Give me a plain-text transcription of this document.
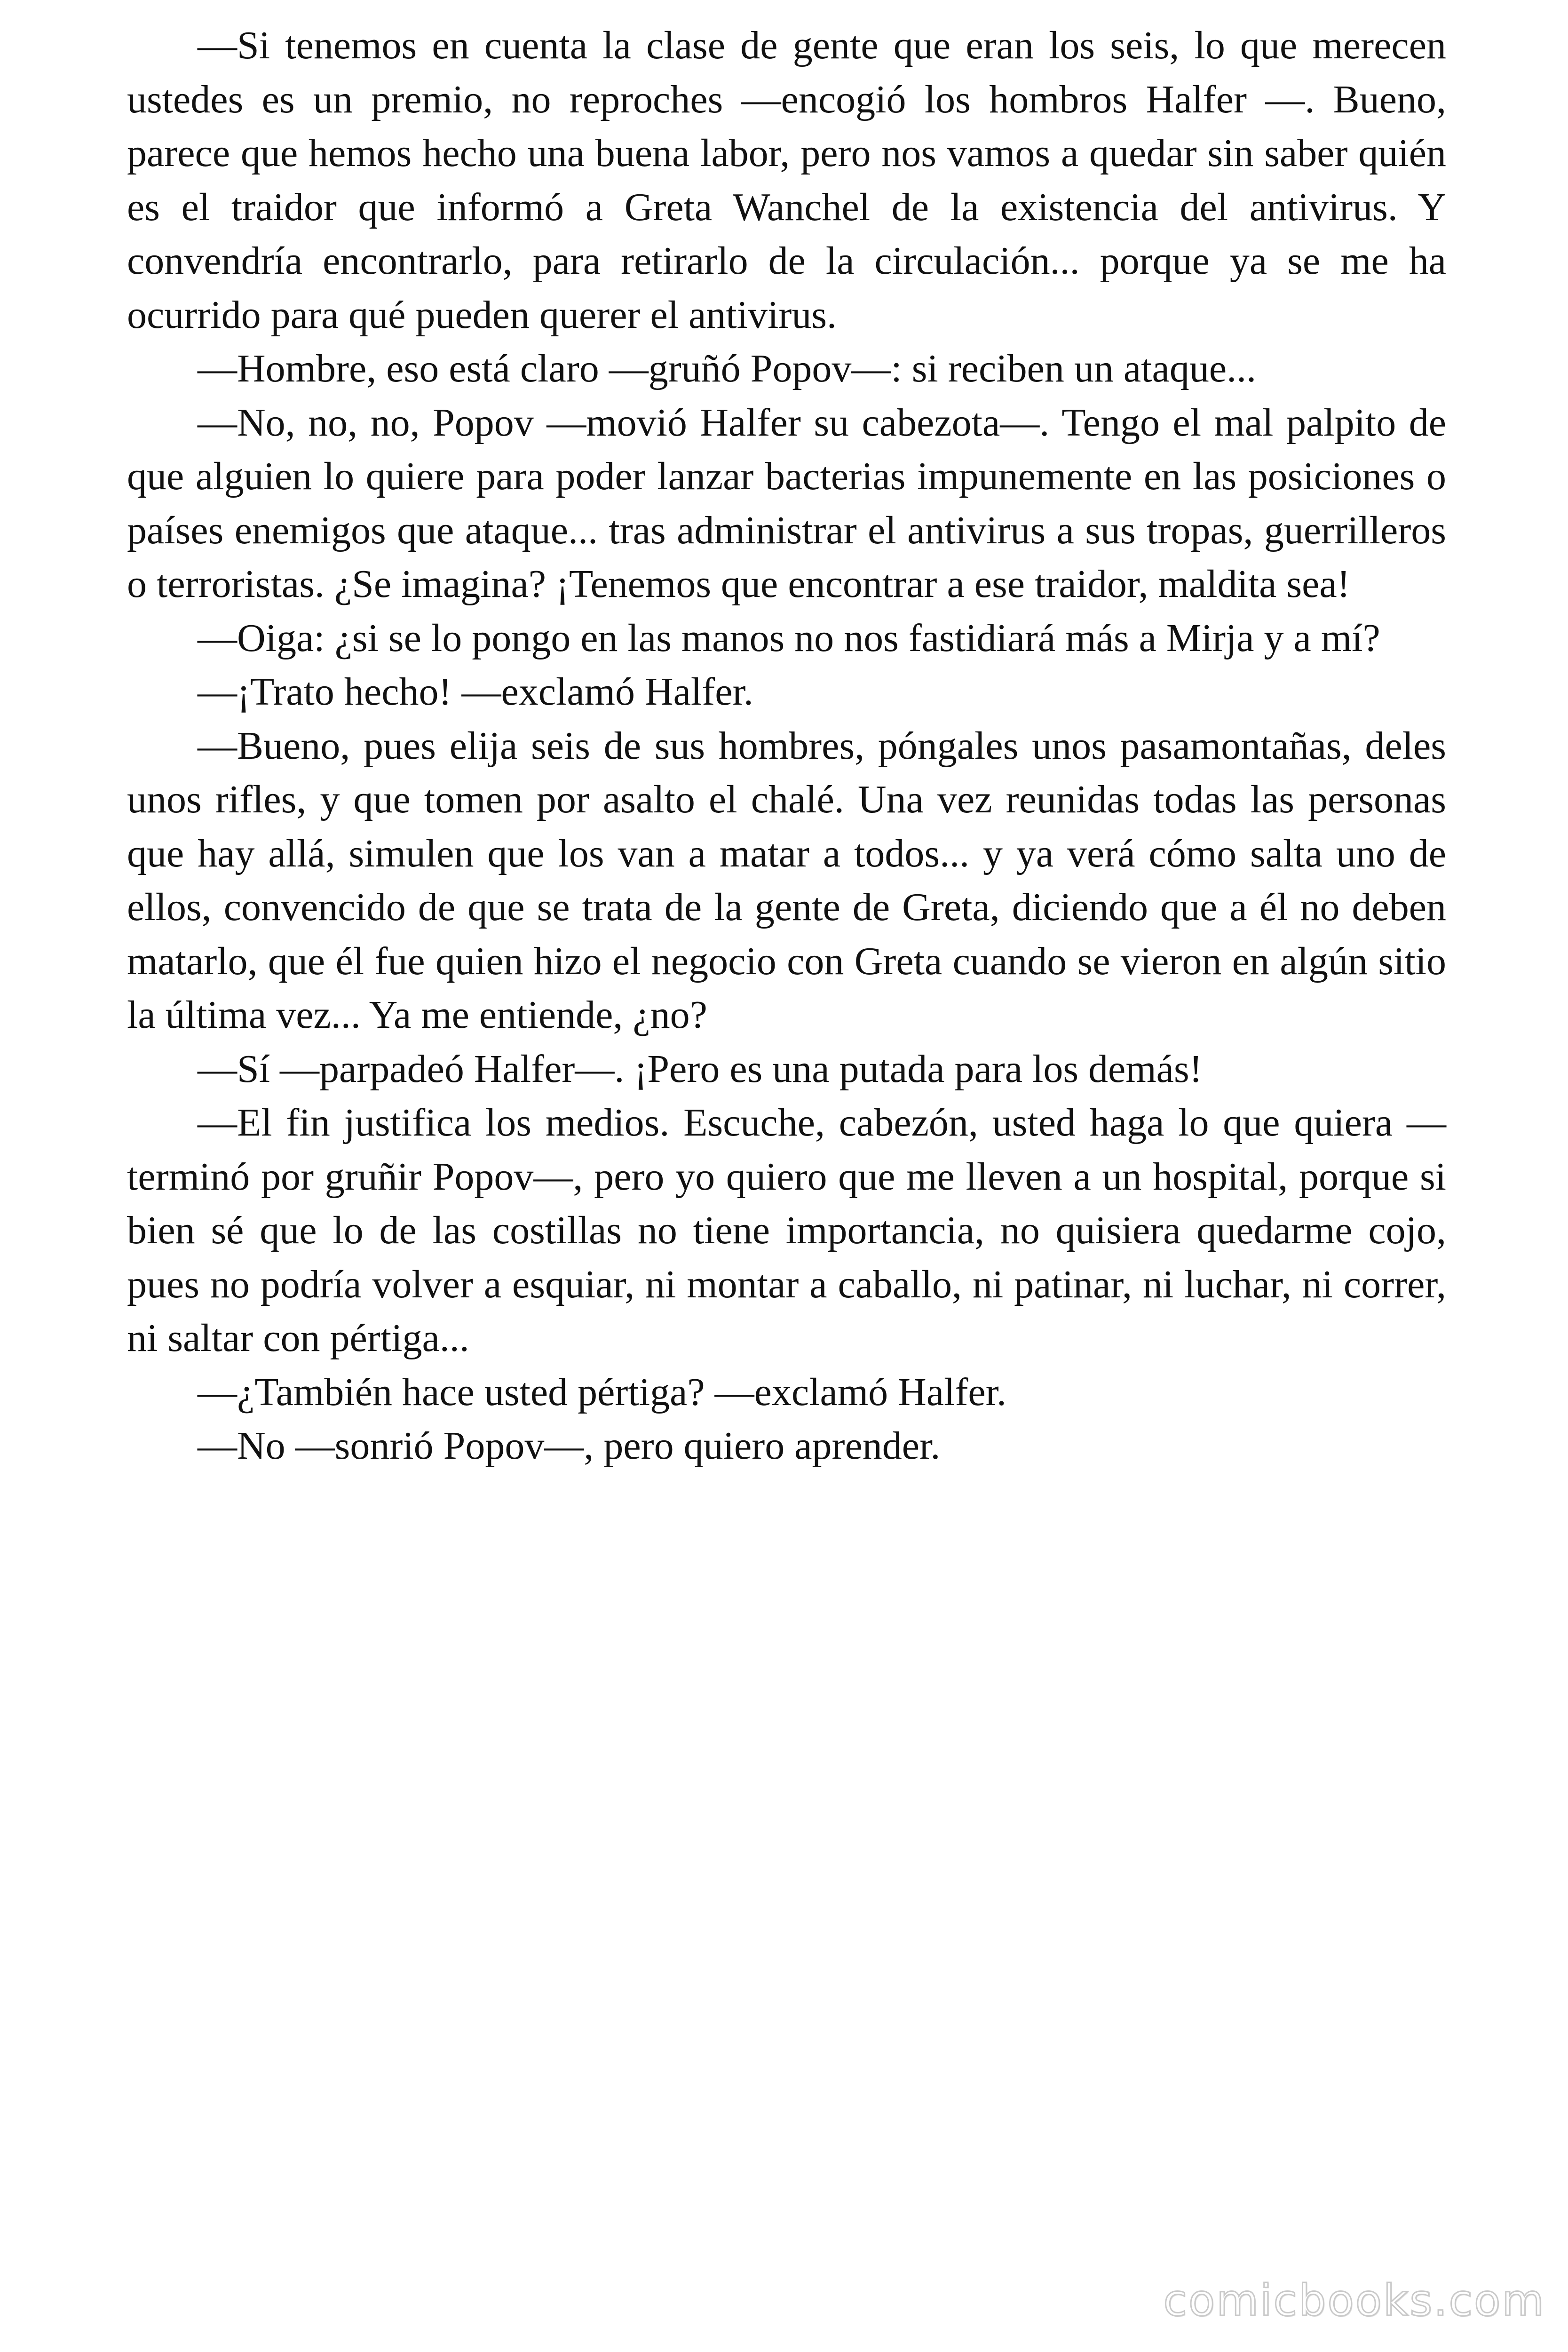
—Si tenemos en cuenta la clase de gente que eran los seis, lo que merecen ustedes es un premio, no reproches —encogió los hombros Halfer —. Bueno, parece que hemos hecho una buena labor, pero nos vamos a quedar sin saber quién es el traidor que informó a Greta Wanchel de la existencia del antivirus. Y convendría encontrarlo, para retirarlo de la circulación... porque ya se me ha ocurrido para qué pueden querer el antivirus.

—Hombre, eso está claro —gruñó Popov—: si reciben un ataque...

—No, no, no, Popov —movió Halfer su cabezota—. Tengo el mal palpito de que alguien lo quiere para poder lanzar bacterias impunemente en las posiciones o países enemigos que ataque... tras administrar el antivirus a sus tropas, guerrilleros o terroristas. ¿Se imagina? ¡Tenemos que encontrar a ese traidor, maldita sea!

—Oiga: ¿si se lo pongo en las manos no nos fastidiará más a Mirja y a mí?

—¡Trato hecho! —exclamó Halfer.

—Bueno, pues elija seis de sus hombres, póngales unos pasamontañas, deles unos rifles, y que tomen por asalto el chalé. Una vez reunidas todas las personas que hay allá, simulen que los van a matar a todos... y ya verá cómo salta uno de ellos, convencido de que se trata de la gente de Greta, diciendo que a él no deben matarlo, que él fue quien hizo el negocio con Greta cuando se vieron en algún sitio la última vez... Ya me entiende, ¿no?

—Sí —parpadeó Halfer—. ¡Pero es una putada para los demás!

—El fin justifica los medios. Escuche, cabezón, usted haga lo que quiera —terminó por gruñir Popov—, pero yo quiero que me lleven a un hospital, porque si bien sé que lo de las costillas no tiene importancia, no quisiera quedarme cojo, pues no podría volver a esquiar, ni montar a caballo, ni patinar, ni luchar, ni correr, ni saltar con pértiga...

—¿También hace usted pértiga? —exclamó Halfer.

—No —sonrió Popov—, pero quiero aprender.

comicbooks.com
